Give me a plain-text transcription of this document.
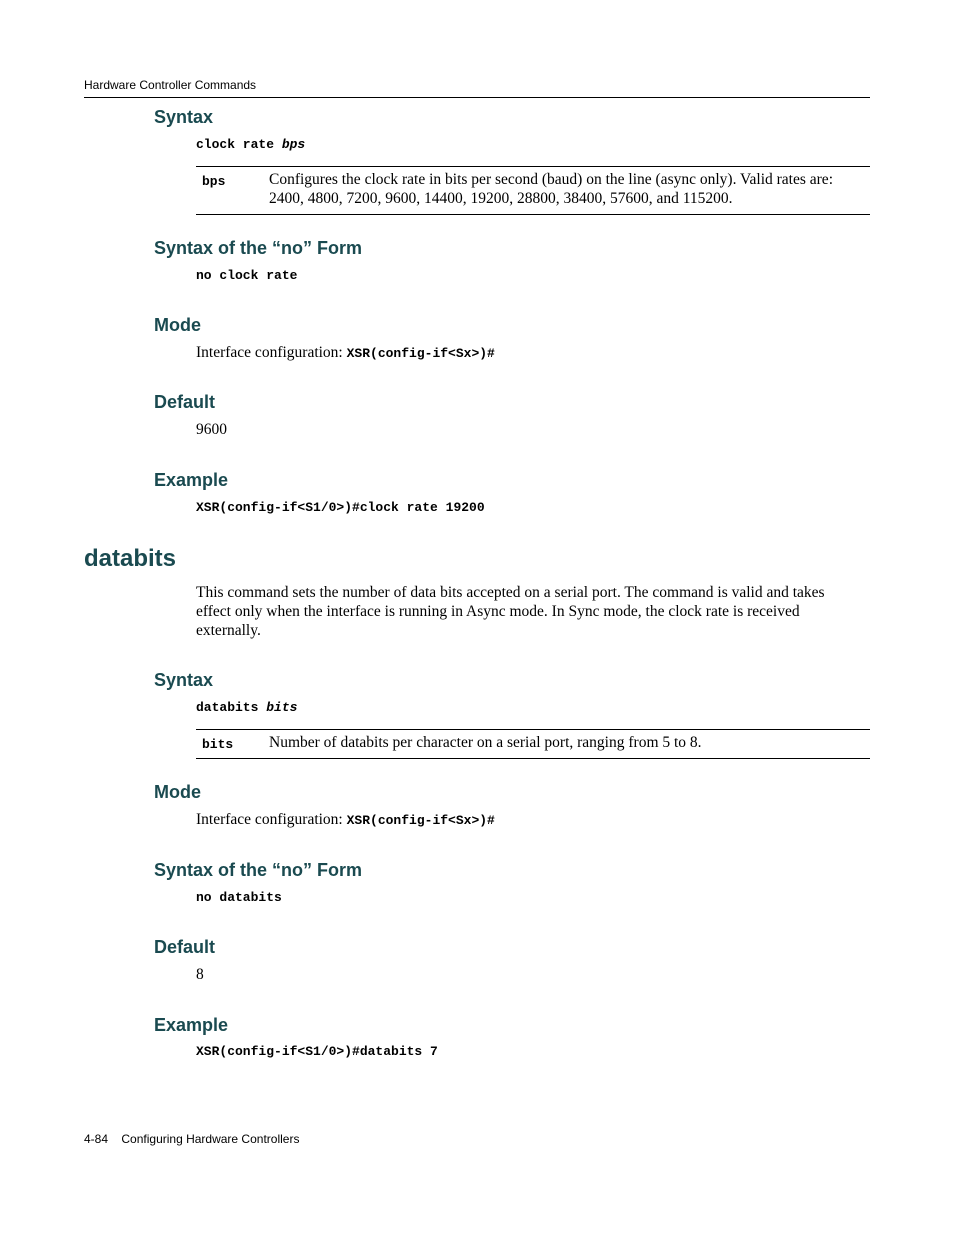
Hardware Controller Commands
Syntax
clock rate bps
bps	Configures the clock rate in bits per second (baud) on the line (async only). Valid rates are: 2400, 4800, 7200, 9600, 14400, 19200, 28800, 38400, 57600, and 115200.
Syntax of the “no” Form
no clock rate
Mode
Interface configuration: XSR(config-if<Sx>)#
Default
9600
Example
XSR(config-if<S1/0>)#clock rate 19200
databits
This command sets the number of data bits accepted on a serial port. The command is valid and takes effect only when the interface is running in Async mode. In Sync mode, the clock rate is received externally.
Syntax
databits bits
bits	Number of databits per character on a serial port, ranging from 5 to 8.
Mode
Interface configuration: XSR(config-if<Sx>)#
Syntax of the “no” Form
no databits
Default
8
Example
XSR(config-if<S1/0>)#databits 7
4-84 Configuring Hardware Controllers
